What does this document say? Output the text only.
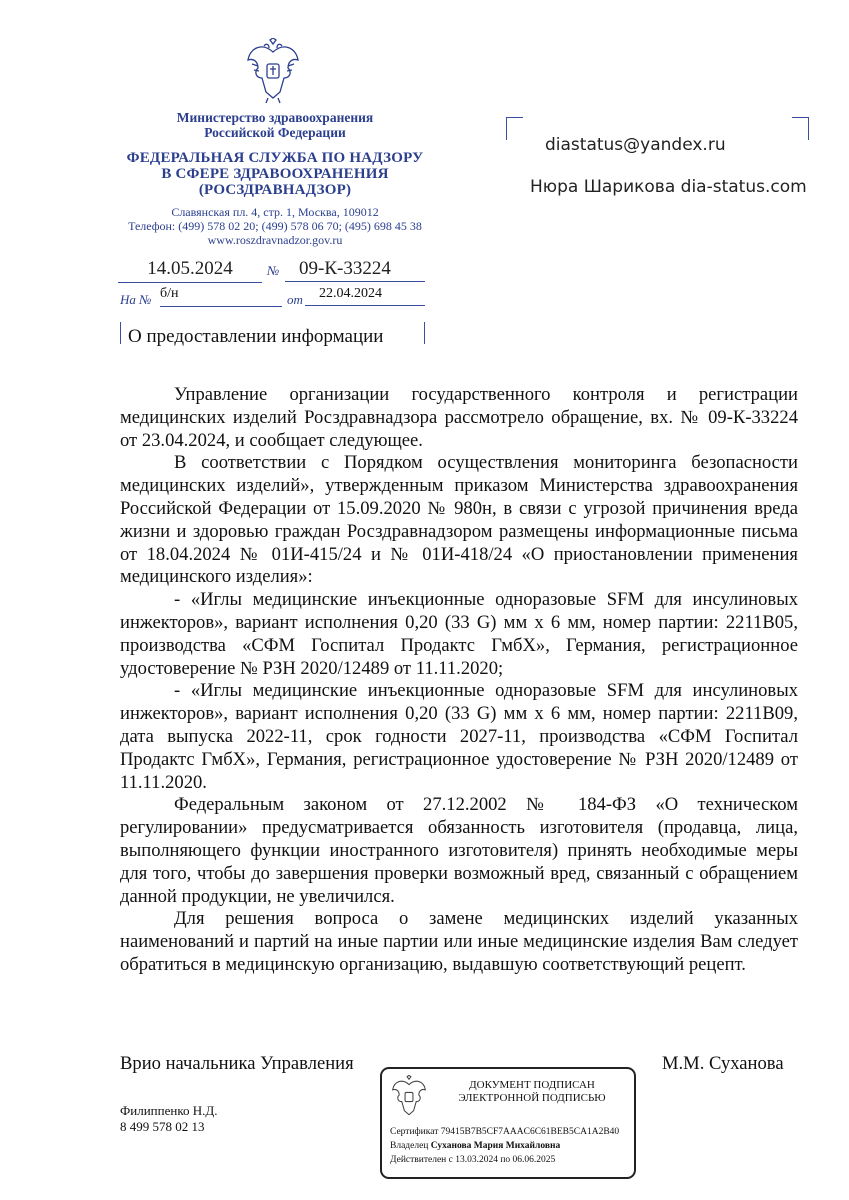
Министерство здравоохранения
Российской Федерации
ФЕДЕРАЛЬНАЯ СЛУЖБА ПО НАДЗОРУ
В СФЕРЕ ЗДРАВООХРАНЕНИЯ
(РОСЗДРАВНАДЗОР)
Славянская пл. 4, стр. 1, Москва, 109012
Телефон: (499) 578 02 20; (499) 578 06 70; (495) 698 45 38
www.roszdravnadzor.gov.ru
14.05.2024	№	09-К-33224
На № б/н	от	22.04.2024
О предоставлении информации
diastatus@yandex.ru
Нюра Шарикова dia-status.com

Управление организации государственного контроля и регистрации медицинских изделий Росздравнадзора рассмотрело обращение, вх. № 09-К-33224 от 23.04.2024, и сообщает следующее.

В соответствии с Порядком осуществления мониторинга безопасности медицинских изделий», утвержденным приказом Министерства здравоохранения Российской Федерации от 15.09.2020 № 980н, в связи с угрозой причинения вреда жизни и здоровью граждан Росздравнадзором размещены информационные письма от 18.04.2024 № 01И-415/24 и № 01И-418/24 «О приостановлении применения медицинского изделия»:

- «Иглы медицинские инъекционные одноразовые SFM для инсулиновых инжекторов», вариант исполнения 0,20 (33 G) мм х 6 мм, номер партии: 2211В05, производства «СФМ Госпитал Продактс ГмбХ», Германия, регистрационное удостоверение № РЗН 2020/12489 от 11.11.2020;

- «Иглы медицинские инъекционные одноразовые SFM для инсулиновых инжекторов», вариант исполнения 0,20 (33 G) мм х 6 мм, номер партии: 2211В09, дата выпуска 2022-11, срок годности 2027-11, производства «СФМ Госпитал Продактс ГмбХ», Германия, регистрационное удостоверение № РЗН 2020/12489 от 11.11.2020.

Федеральным законом от 27.12.2002 № 184-ФЗ «О техническом регулировании» предусматривается обязанность изготовителя (продавца, лица, выполняющего функции иностранного изготовителя) принять необходимые меры для того, чтобы до завершения проверки возможный вред, связанный с обращением данной продукции, не увеличился.

Для решения вопроса о замене медицинских изделий указанных наименований и партий на иные партии или иные медицинские изделия Вам следует обратиться в медицинскую организацию, выдавшую соответствующий рецепт.

Врио начальника Управления	М.М. Суханова
Филиппенко Н.Д.
8 499 578 02 13
ДОКУМЕНТ ПОДПИСАН
ЭЛЕКТРОННОЙ ПОДПИСЬЮ
Сертификат 79415B7B5CF7AAAC6C61BEB5CA1A2B40
Владелец Суханова Мария Михайловна
Действителен с 13.03.2024 по 06.06.2025
